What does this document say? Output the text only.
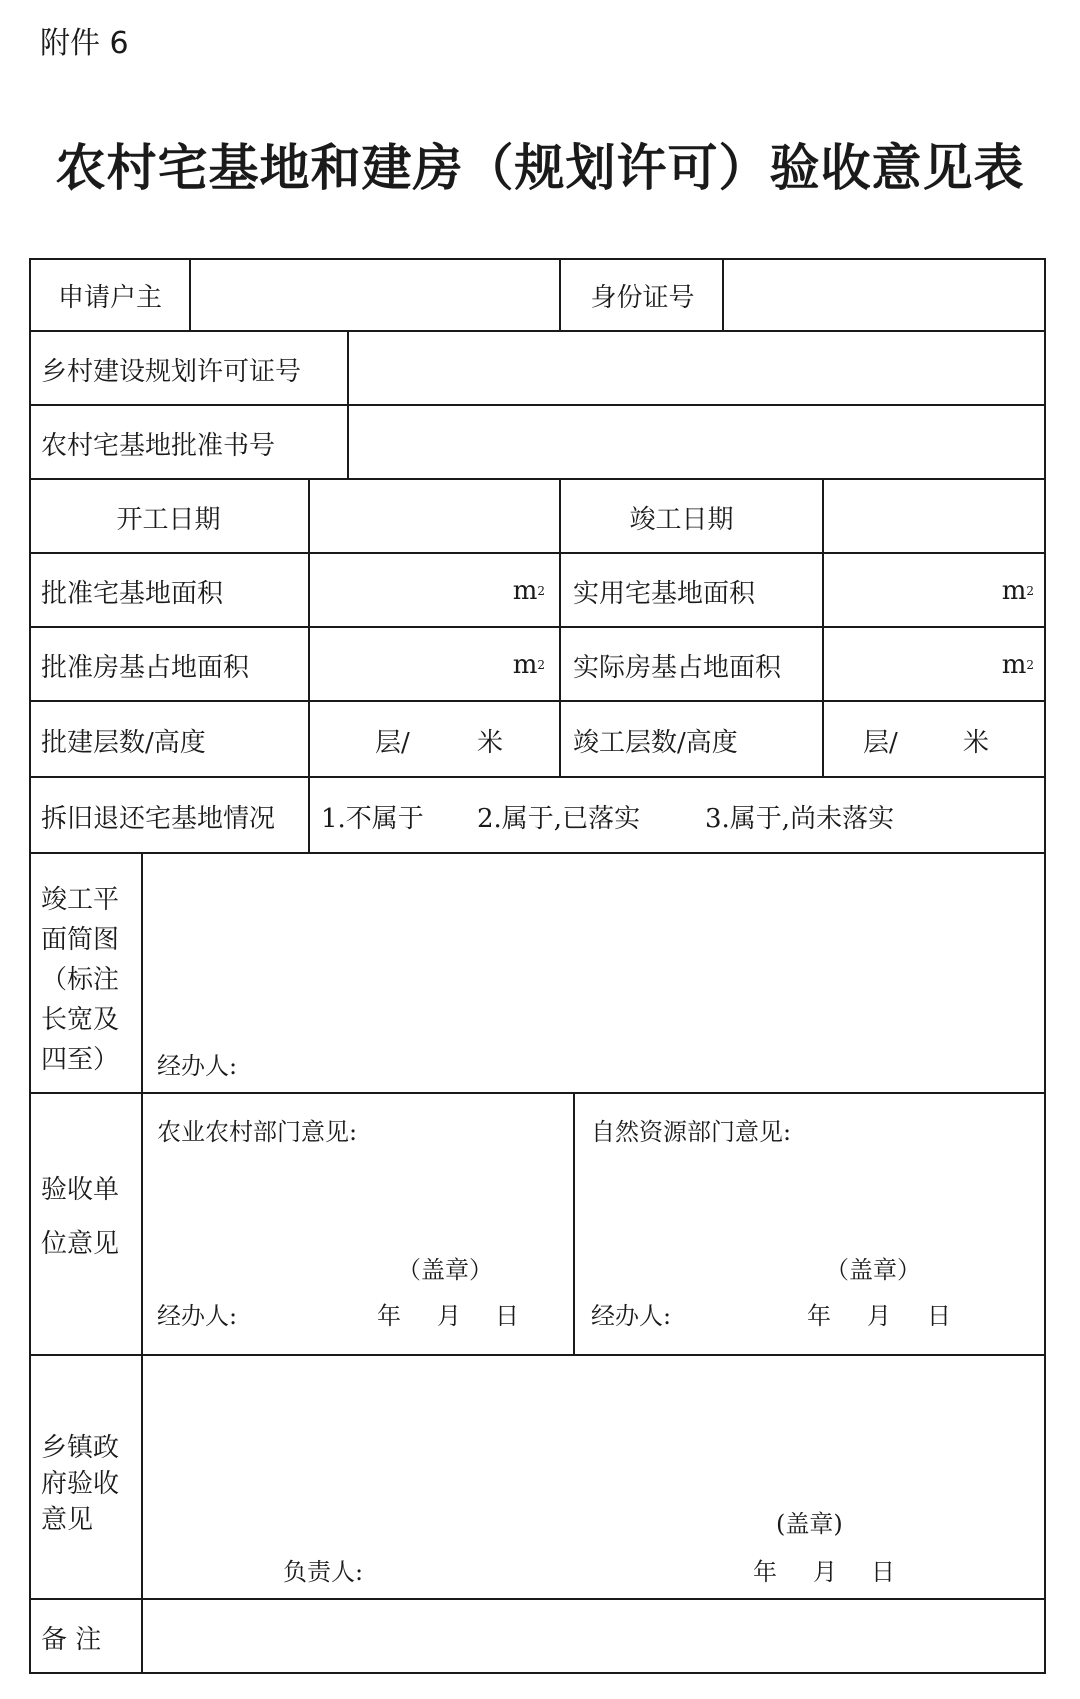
附件 6
农村宅基地和建房（规划许可）验收意见表
申请户主	身份证号
乡村建设规划许可证号
农村宅基地批准书号
开工日期	竣工日期
批准宅基地面积	m 2 实用宅基地面积	m 2
批准房基占地面积	m 2 实际房基占地面积	m 2
批建层数/高度	层/	米	竣工层数/高度	层/	米
拆旧退还宅基地情况	1.不属于	2.属于,已落实	3.属于,尚未落实
竣工平
面简图
（标注
长宽及
四至）	经办人:
验收单
位意见
农业农村部门意见:
（盖章）
经办人:	年 月 日
自然资源部门意见:
（盖章）
经办人:	年 月 日
乡镇政
府验收
意见	(盖章)
负责人:	年 月 日
备 注
